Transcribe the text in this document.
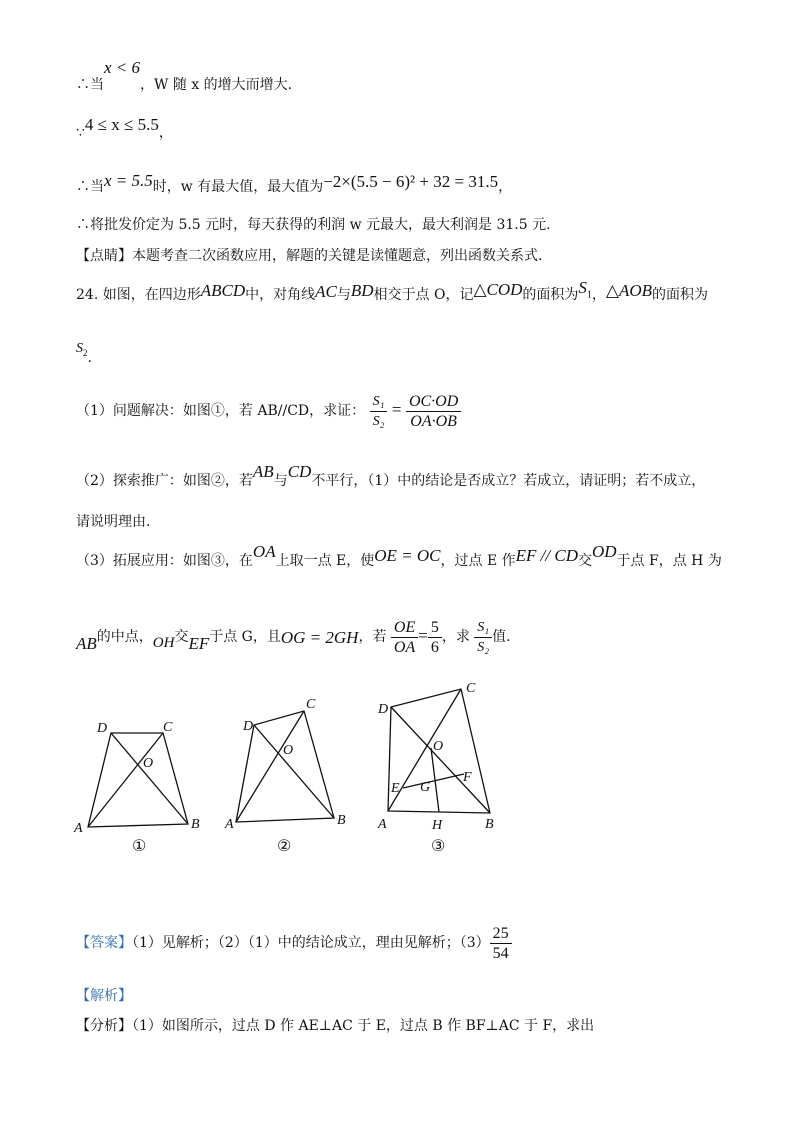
∴当x < 6，W 随 x 的增大而增大.
∵4 ≤ x ≤ 5.5，
∴当x = 5.5时，w 有最大值，最大值为−2×(5.5 − 6)² + 32 = 31.5，
∴将批发价定为 5.5 元时，每天获得的利润 w 元最大，最大利润是 31.5 元.
【点睛】本题考查二次函数应用，解题的关键是读懂题意，列出函数关系式.
24. 如图，在四边形ABCD中，对角线AC与BD相交于点 O，记△COD的面积为$S_1$，△AOB的面积为
$S_2$.
（1）问题解决：如图①，若 AB//CD，求证： $\frac{\text{S₁}}{\text{S₂}} = \frac{OC\cdot OD}{OA\cdot OB}$
（2）探索推广：如图②，若AB与CD不平行，（1）中的结论是否成立？若成立，请证明；若不成立，
请说明理由.
（3）拓展应用：如图③，在OA上取一点 E，使OE = OC，过点 E 作EF // CD交OD于点 F，点 H 为
AB的中点，OH交EF于点 G，且OG = 2GH，若 $\frac{OE}{OA} = \frac{5}{6}$ ，求 $\frac{\text{S₁}}{\text{S₂}}$ 值.
D	C
O
A	B
D
C
O
A	B
D
C
O
E G
F
A	H	B
①	②	③
【答案】（1）见解析；（2）（1）中的结论成立，理由见解析；$(3) \frac{25}{54}$
【解析】
【分析】（1）如图所示，过点 D 作 AE⊥AC 于 E，过点 B 作 BF⊥AC 于 F，求出
